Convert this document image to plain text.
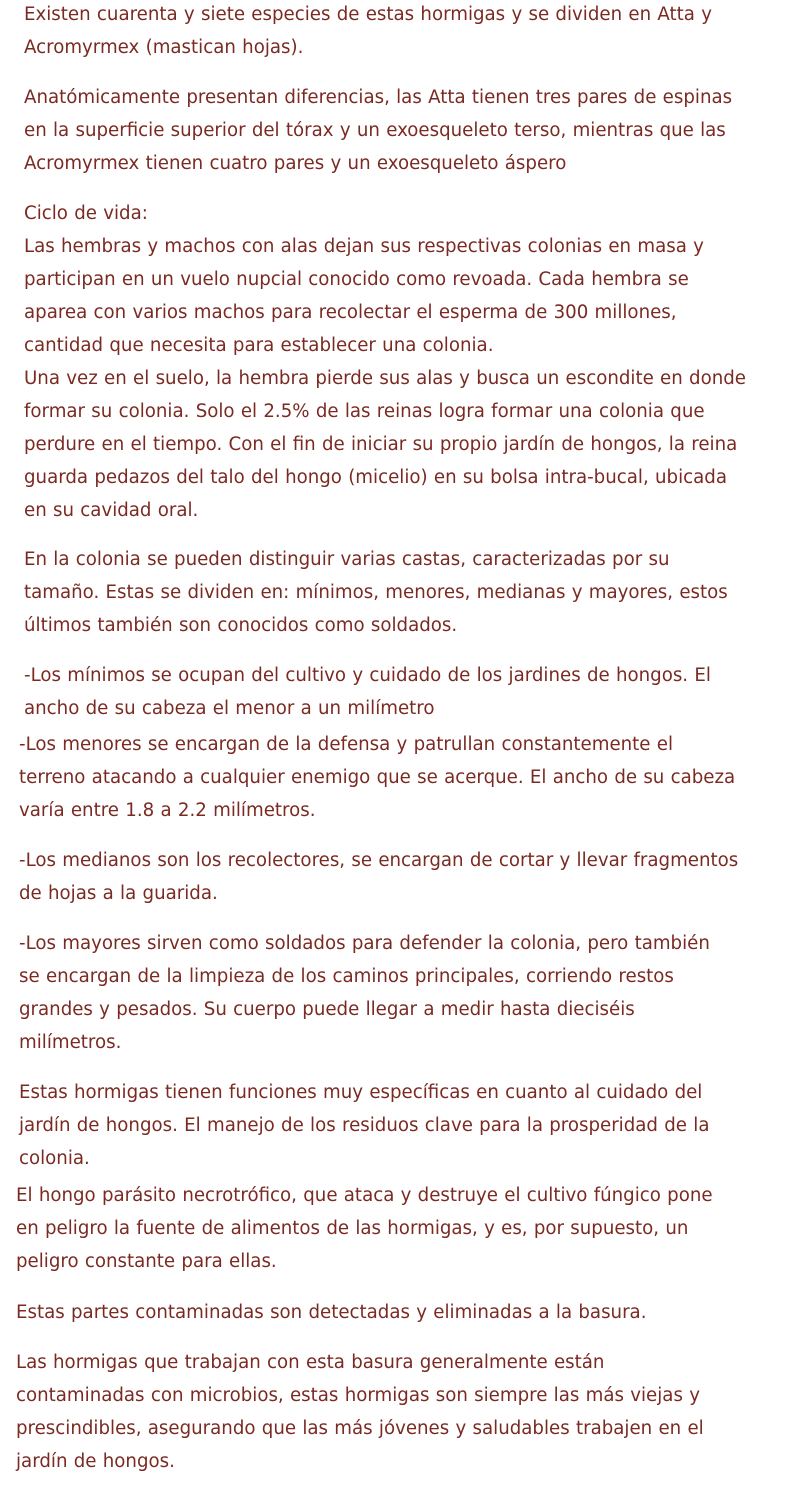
Existen cuarenta y siete especies de estas hormigas y se dividen en Atta y
Acromyrmex (mastican hojas).

Anatómicamente presentan diferencias, las Atta tienen tres pares de espinas
en la superficie superior del tórax y un exoesqueleto terso, mientras que las
Acromyrmex tienen cuatro pares y un exoesqueleto áspero

Ciclo de vida:
Las hembras y machos con alas dejan sus respectivas colonias en masa y
participan en un vuelo nupcial conocido como revoada. Cada hembra se
aparea con varios machos para recolectar el esperma de 300 millones,
cantidad que necesita para establecer una colonia.
Una vez en el suelo, la hembra pierde sus alas y busca un escondite en donde
formar su colonia. Solo el 2.5% de las reinas logra formar una colonia que
perdure en el tiempo. Con el fin de iniciar su propio jardín de hongos, la reina
guarda pedazos del talo del hongo (micelio) en su bolsa intra-bucal, ubicada
en su cavidad oral.

En la colonia se pueden distinguir varias castas, caracterizadas por su
tamaño. Estas se dividen en: mínimos, menores, medianas y mayores, estos
últimos también son conocidos como soldados.

-Los mínimos se ocupan del cultivo y cuidado de los jardines de hongos. El
ancho de su cabeza el menor a un milímetro

-Los menores se encargan de la defensa y patrullan constantemente el
terreno atacando a cualquier enemigo que se acerque. El ancho de su cabeza
varía entre 1.8 a 2.2 milímetros.

-Los medianos son los recolectores, se encargan de cortar y llevar fragmentos
de hojas a la guarida.

-Los mayores sirven como soldados para defender la colonia, pero también
se encargan de la limpieza de los caminos principales, corriendo restos
grandes y pesados. Su cuerpo puede llegar a medir hasta dieciséis
milímetros.

Estas hormigas tienen funciones muy específicas en cuanto al cuidado del
jardín de hongos. El manejo de los residuos clave para la prosperidad de la
colonia.

El hongo parásito necrotrófico, que ataca y destruye el cultivo fúngico pone
en peligro la fuente de alimentos de las hormigas, y es, por supuesto, un
peligro constante para ellas.

Estas partes contaminadas son detectadas y eliminadas a la basura.

Las hormigas que trabajan con esta basura generalmente están
contaminadas con microbios, estas hormigas son siempre las más viejas y
prescindibles, asegurando que las más jóvenes y saludables trabajen en el
jardín de hongos.
